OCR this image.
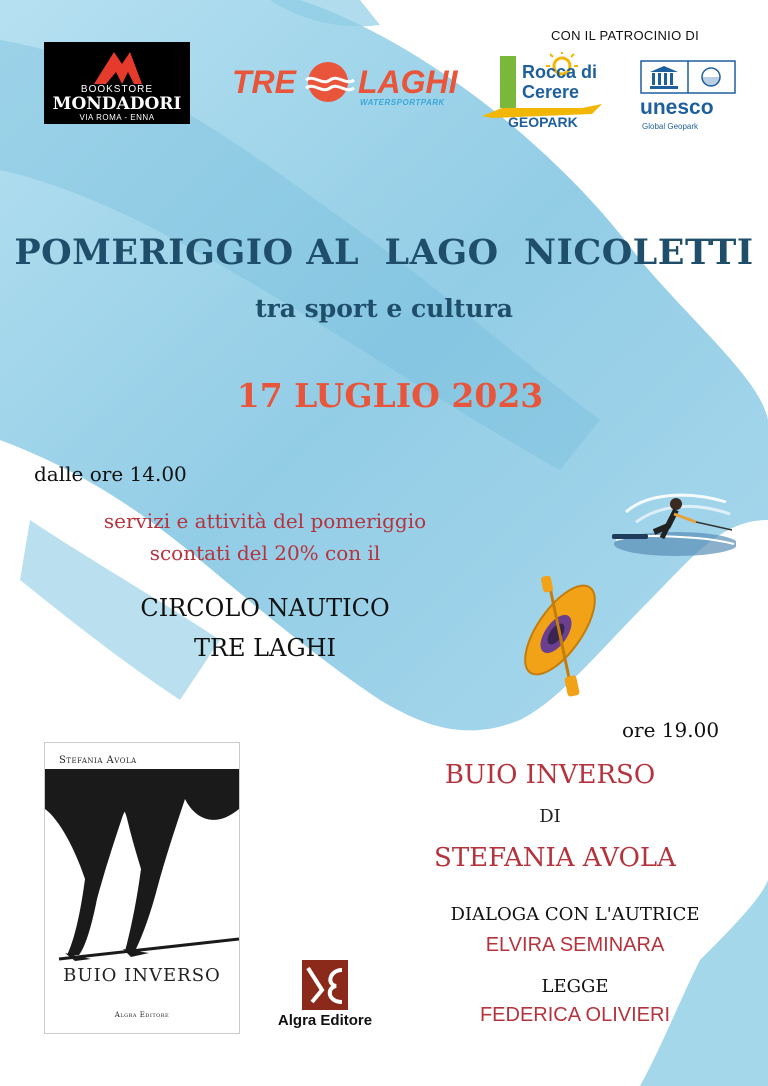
BOOKSTORE
MONDADORI
VIA ROMA - ENNA
TRE LAGHI
WATERSPORTPARK
CON IL PATROCINIO DI
Rocca di
Cerere
GEOPARK
unesco
Global Geopark
POMERIGGIO AL  LAGO  NICOLETTI
tra sport e cultura
17 LUGLIO 2023
dalle ore 14.00
servizi e attività del pomeriggio
scontati del 20% con il
CIRCOLO NAUTICO
TRE LAGHI
Stefania Avola
BUIO INVERSO
Algra Editore	Algra Editore
ore 19.00
BUIO INVERSO
DI
STEFANIA AVOLA
DIALOGA CON L'AUTRICE
ELVIRA SEMINARA
LEGGE
FEDERICA OLIVIERI
